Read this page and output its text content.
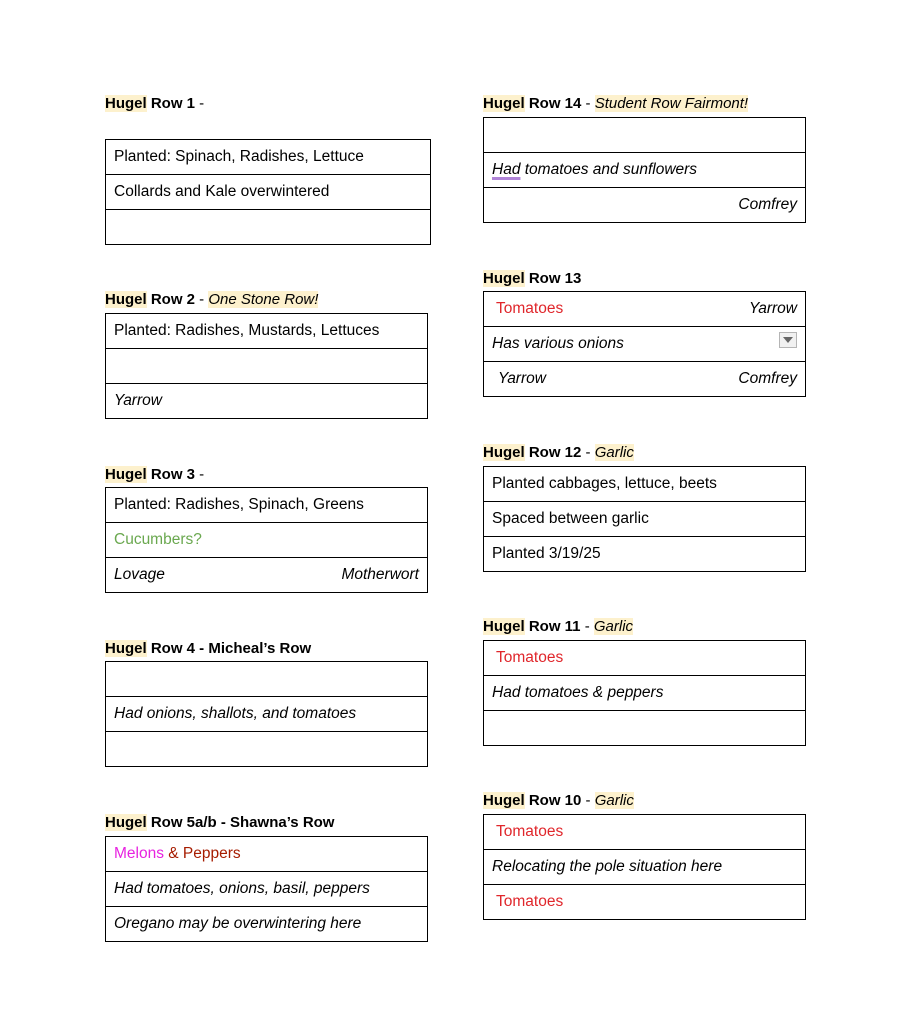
Hugel Row 1 -
Planted: Spinach, Radishes, Lettuce
Collards and Kale overwintered

Hugel Row 2 - One Stone Row!
Planted: Radishes, Mustards, Lettuces

Yarrow
Hugel Row 3 -
Planted: Radishes, Spinach, Greens
Cucumbers?

Lovage	Motherwort
Hugel Row 4 - Micheal’s Row

Had onions, shallots, and tomatoes

Hugel Row 5a/b - Shawna’s Row
Melons & Peppers
Had tomatoes, onions, basil, peppers
Oregano may be overwintering here
Hugel Row 14 - Student Row Fairmont!

Had tomatoes and sunflowers
Comfrey
Hugel Row 13
Tomatoes	Yarrow

Has various onions

Yarrow	Comfrey
Hugel Row 12 - Garlic
Planted cabbages, lettuce, beets
Spaced between garlic
Planted 3/19/25
Hugel Row 11 - Garlic
Tomatoes
Had tomatoes & peppers

Hugel Row 10 - Garlic
Tomatoes
Relocating the pole situation here
Tomatoes
